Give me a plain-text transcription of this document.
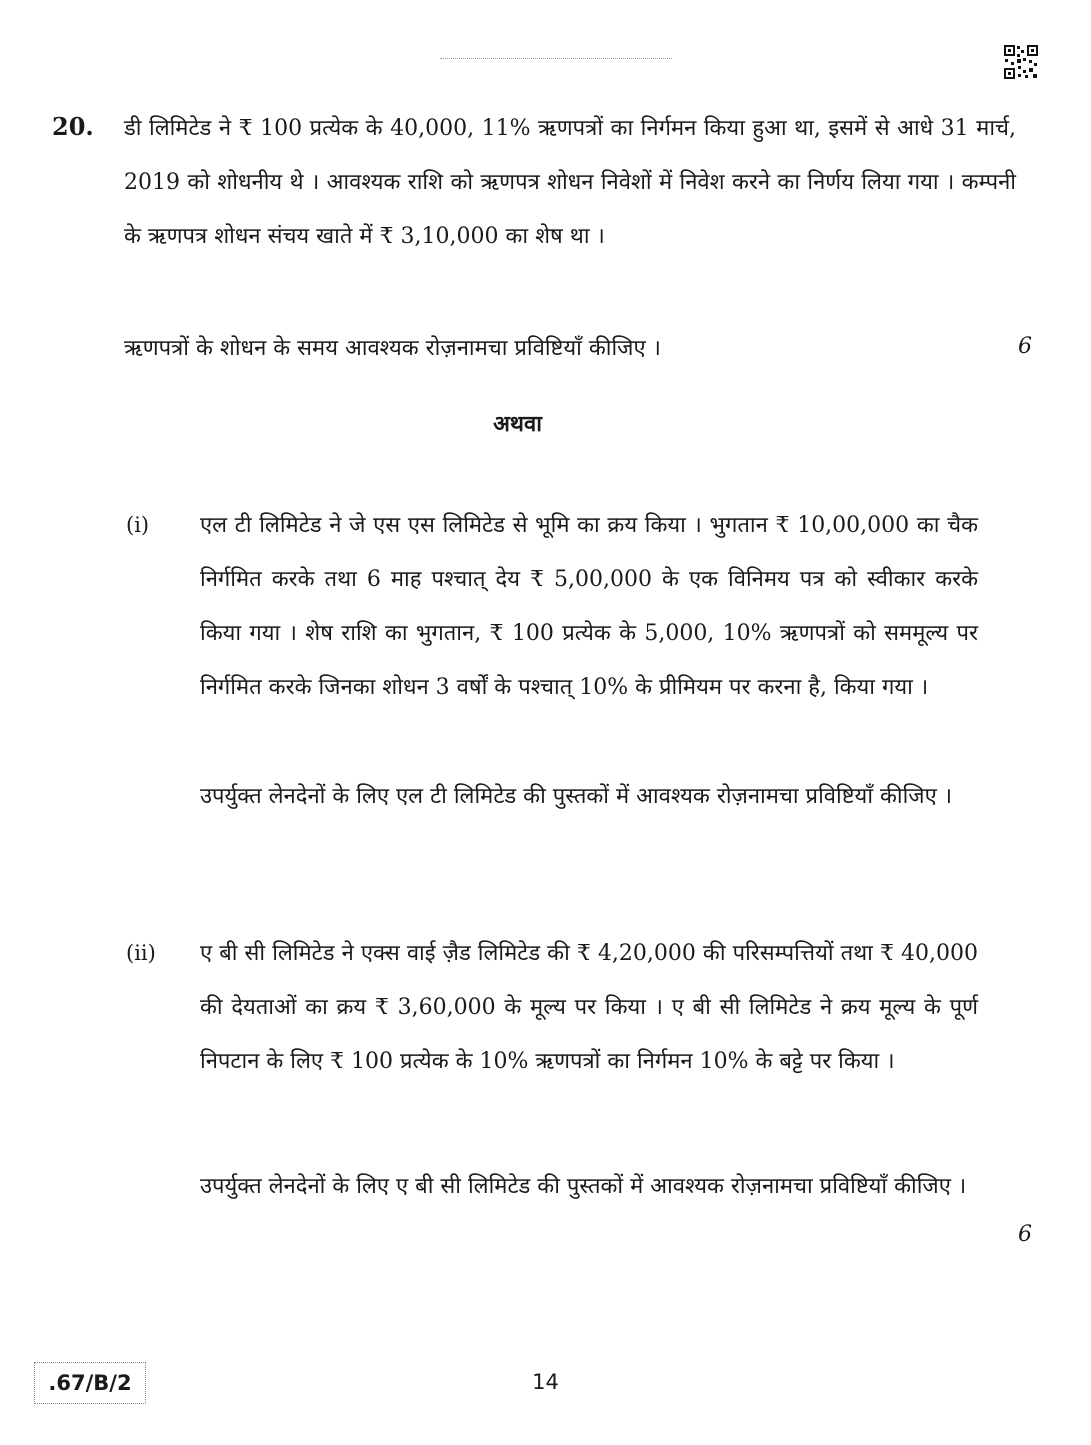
20. डी लिमिटेड ने ₹ 100 प्रत्येक के 40,000, 11% ऋणपत्रों का निर्गमन किया हुआ था, इसमें से आधे 31 मार्च, 2019 को शोधनीय थे । आवश्यक राशि को ऋणपत्र शोधन निवेशों में निवेश करने का निर्णय लिया गया । कम्पनी के ऋणपत्र शोधन संचय खाते में ₹ 3,10,000 का शेष था ।

ऋणपत्रों के शोधन के समय आवश्यक रोज़नामचा प्रविष्टियाँ कीजिए ।	6
अथवा
(i) एल टी लिमिटेड ने जे एस एस लिमिटेड से भूमि का क्रय किया । भुगतान ₹ 10,00,000 का चैक निर्गमित करके तथा 6 माह पश्चात् देय ₹ 5,00,000 के एक विनिमय पत्र को स्वीकार करके किया गया । शेष राशि का भुगतान, ₹ 100 प्रत्येक के 5,000, 10% ऋणपत्रों को सममूल्य पर निर्गमित करके जिनका शोधन 3 वर्षों के पश्चात् 10% के प्रीमियम पर करना है, किया गया ।

उपर्युक्त लेनदेनों के लिए एल टी लिमिटेड की पुस्तकों में आवश्यक रोज़नामचा प्रविष्टियाँ कीजिए ।

(ii) ए बी सी लिमिटेड ने एक्स वाई ज़ैड लिमिटेड की ₹ 4,20,000 की परिसम्पत्तियों तथा ₹ 40,000 की देयताओं का क्रय ₹ 3,60,000 के मूल्य पर किया । ए बी सी लिमिटेड ने क्रय मूल्य के पूर्ण निपटान के लिए ₹ 100 प्रत्येक के 10% ऋणपत्रों का निर्गमन 10% के बट्टे पर किया ।

उपर्युक्त लेनदेनों के लिए ए बी सी लिमिटेड की पुस्तकों में आवश्यक रोज़नामचा प्रविष्टियाँ कीजिए ।

6
.67/B/2	14
